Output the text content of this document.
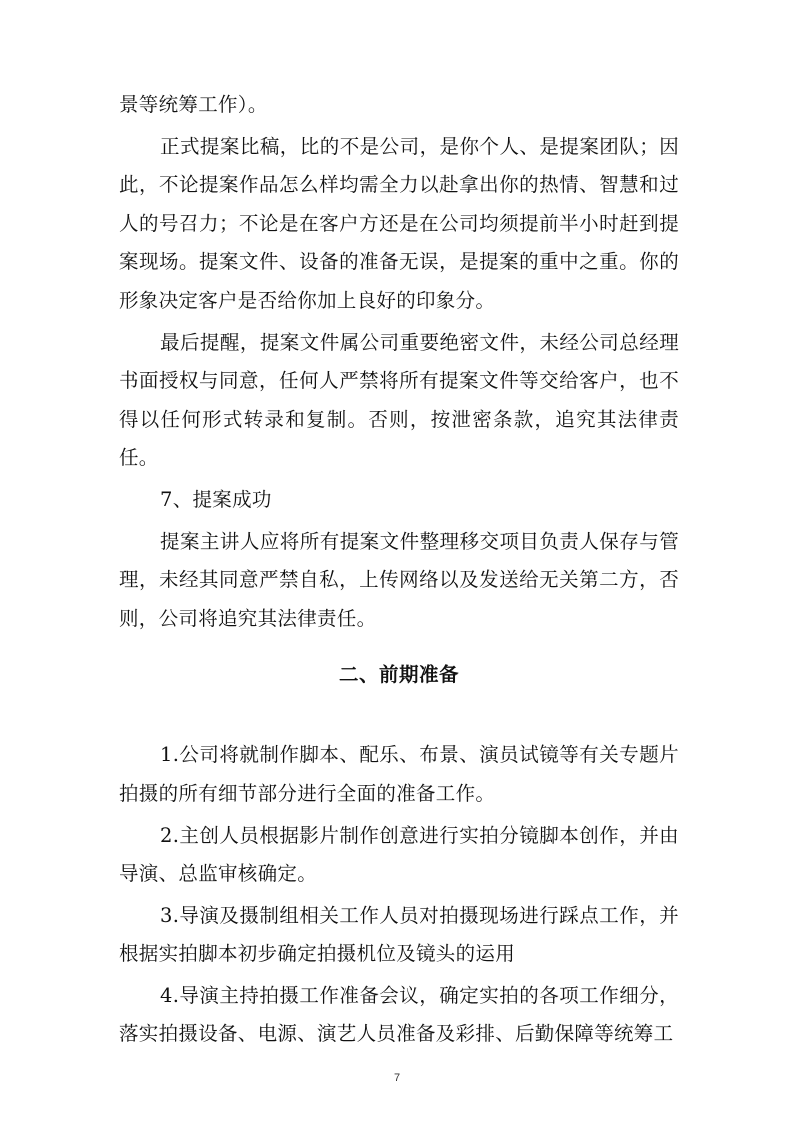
景等统筹工作）。

正式提案比稿，比的不是公司，是你个人、是提案团队；因此，不论提案作品怎么样均需全力以赴拿出你的热情、智慧和过人的号召力；不论是在客户方还是在公司均须提前半小时赶到提案现场。提案文件、设备的准备无误，是提案的重中之重。你的形象决定客户是否给你加上良好的印象分。

最后提醒，提案文件属公司重要绝密文件，未经公司总经理书面授权与同意，任何人严禁将所有提案文件等交给客户，也不得以任何形式转录和复制。否则，按泄密条款，追究其法律责任。

7、提案成功

提案主讲人应将所有提案文件整理移交项目负责人保存与管理，未经其同意严禁自私，上传网络以及发送给无关第二方，否则，公司将追究其法律责任。

二、前期准备

1.公司将就制作脚本、配乐、布景、演员试镜等有关专题片拍摄的所有细节部分进行全面的准备工作。

2.主创人员根据影片制作创意进行实拍分镜脚本创作，并由导演、总监审核确定。

3.导演及摄制组相关工作人员对拍摄现场进行踩点工作，并根据实拍脚本初步确定拍摄机位及镜头的运用

4.导演主持拍摄工作准备会议，确定实拍的各项工作细分，落实拍摄设备、电源、演艺人员准备及彩排、后勤保障等统筹工

7
